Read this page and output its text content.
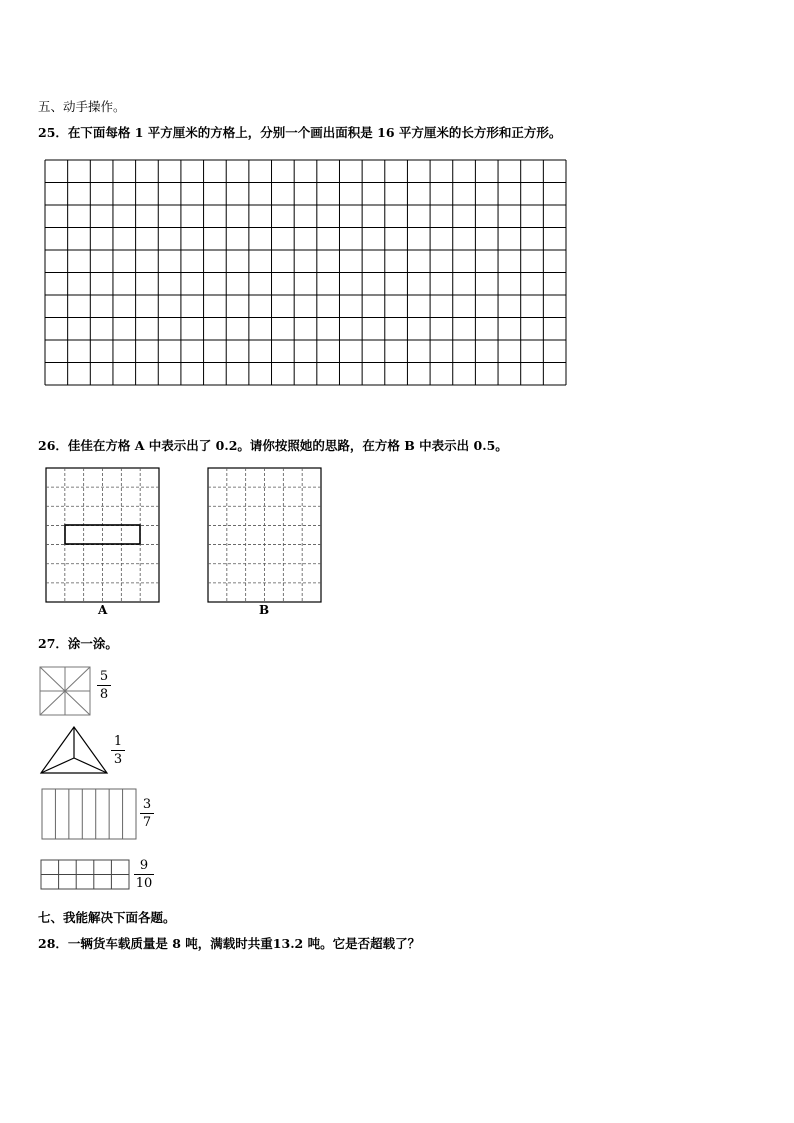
五、动手操作。
25．在下面每格 1 平方厘米的方格上，分别一个画出面积是 16 平方厘米的长方形和正方形。
26．佳佳在方格 A 中表示出了 0.2。请你按照她的思路，在方格 B 中表示出 0.5。
A	B
27．涂一涂。
5
8
1
3
3
7
9
10
七、我能解决下面各题。
28．一辆货车载质量是 8 吨，满载时共重13.2 吨。它是否超载了？
